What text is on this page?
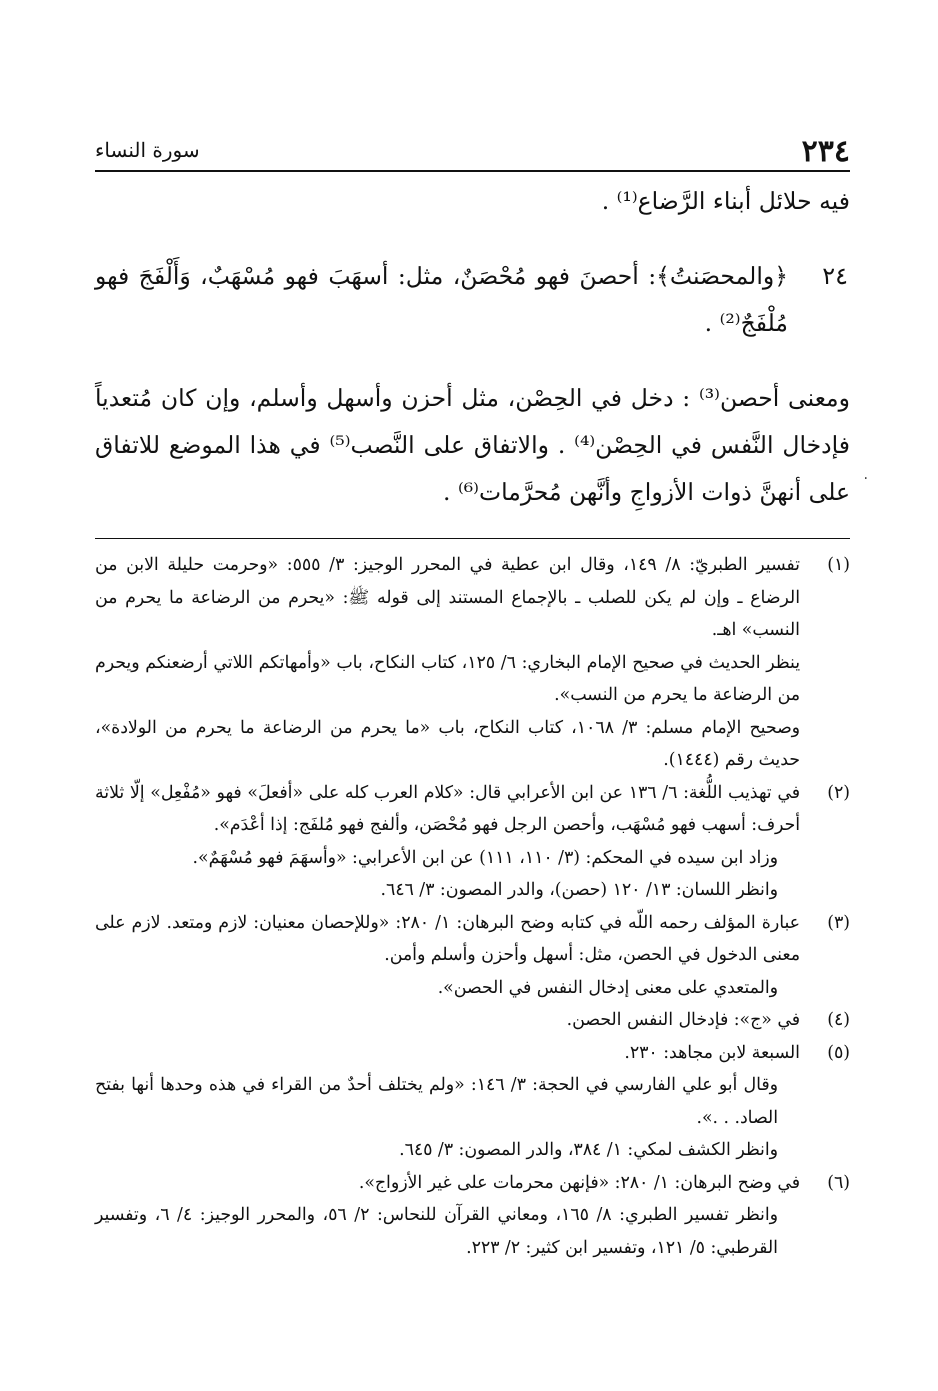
٢٣٤
سورة النساء

فيه حلائل أبناء الرَّضاع⁽¹⁾ .

٢٤

﴿والمحصَنتُ﴾: أحصنَ فهو مُحْصَنٌ، مثل: أسهَبَ فهو مُسْهَبٌ، وَأَلْفَجَ فهو مُلْفَجٌ⁽²⁾ .

ومعنى أحصن⁽³⁾ : دخل في الحِصْن، مثل أحزن وأسهل وأسلم، وإن كان مُتعدياً فإدخال النَّفس في الحِصْن⁽⁴⁾ . والاتفاق على النَّصب⁽⁵⁾ في هذا الموضع للاتفاق على أنهنَّ ذوات الأزواجِ وأنَّهن مُحرَّمات⁽⁶⁾ .

(١)
تفسير الطبريّ: ٨/ ١٤٩، وقال ابن عطية في المحرر الوجيز: ٣/ ٥٥٥: «وحرمت حليلة الابن من الرضاع ـ وإن لم يكن للصلب ـ بالإجماع المستند إلى قوله ﷺ: «يحرم من الرضاعة ما يحرم من النسب» اهـ.
ينظر الحديث في صحيح الإمام البخاري: ٦/ ١٢٥، كتاب النكاح، باب «وأمهاتكم اللاتي أرضعنكم ويحرم من الرضاعة ما يحرم من النسب».
وصحيح الإمام مسلم: ٣/ ١٠٦٨، كتاب النكاح، باب «ما يحرم من الرضاعة ما يحرم من الولادة»، حديث رقم (١٤٤٤).
(٢)
في تهذيب اللُّغة: ٦/ ١٣٦ عن ابن الأعرابي قال: «كلام العرب كله على «أفعلَ» فهو «مُفْعِل» إلّا ثلاثة أحرف: أسهب فهو مُسْهَب، وأحصن الرجل فهو مُحْصَن، وألفج فهو مُلفَج: إذا أعْدَم».
وزاد ابن سيده في المحكم: (٣/ ١١٠، ١١١) عن ابن الأعرابي: «وأسهَمَ فهو مُسْهَمٌ».
وانظر اللسان: ١٣/ ١٢٠ (حصن)، والدر المصون: ٣/ ٦٤٦.
(٣)
عبارة المؤلف رحمه اللّه في كتابه وضح البرهان: ١/ ٢٨٠: «وللإحصان معنيان: لازم ومتعد. لازم على معنى الدخول في الحصن، مثل: أسهل وأحزن وأسلم وأمن.
والمتعدي على معنى إدخال النفس في الحصن».
(٤)
في «ج»: فإدخال النفس الحصن.
(٥)
السبعة لابن مجاهد: ٢٣٠.
وقال أبو علي الفارسي في الحجة: ٣/ ١٤٦: «ولم يختلف أحدٌ من القراء في هذه وحدها أنها بفتح الصاد. . .».
وانظر الكشف لمكي: ١/ ٣٨٤، والدر المصون: ٣/ ٦٤٥.
(٦)
في وضح البرهان: ١/ ٢٨٠: «فإنهن محرمات على غير الأزواج».
وانظر تفسير الطبري: ٨/ ١٦٥، ومعاني القرآن للنحاس: ٢/ ٥٦، والمحرر الوجيز: ٤/ ٦، وتفسير القرطبي: ٥/ ١٢١، وتفسير ابن كثير: ٢/ ٢٢٣.
٠
